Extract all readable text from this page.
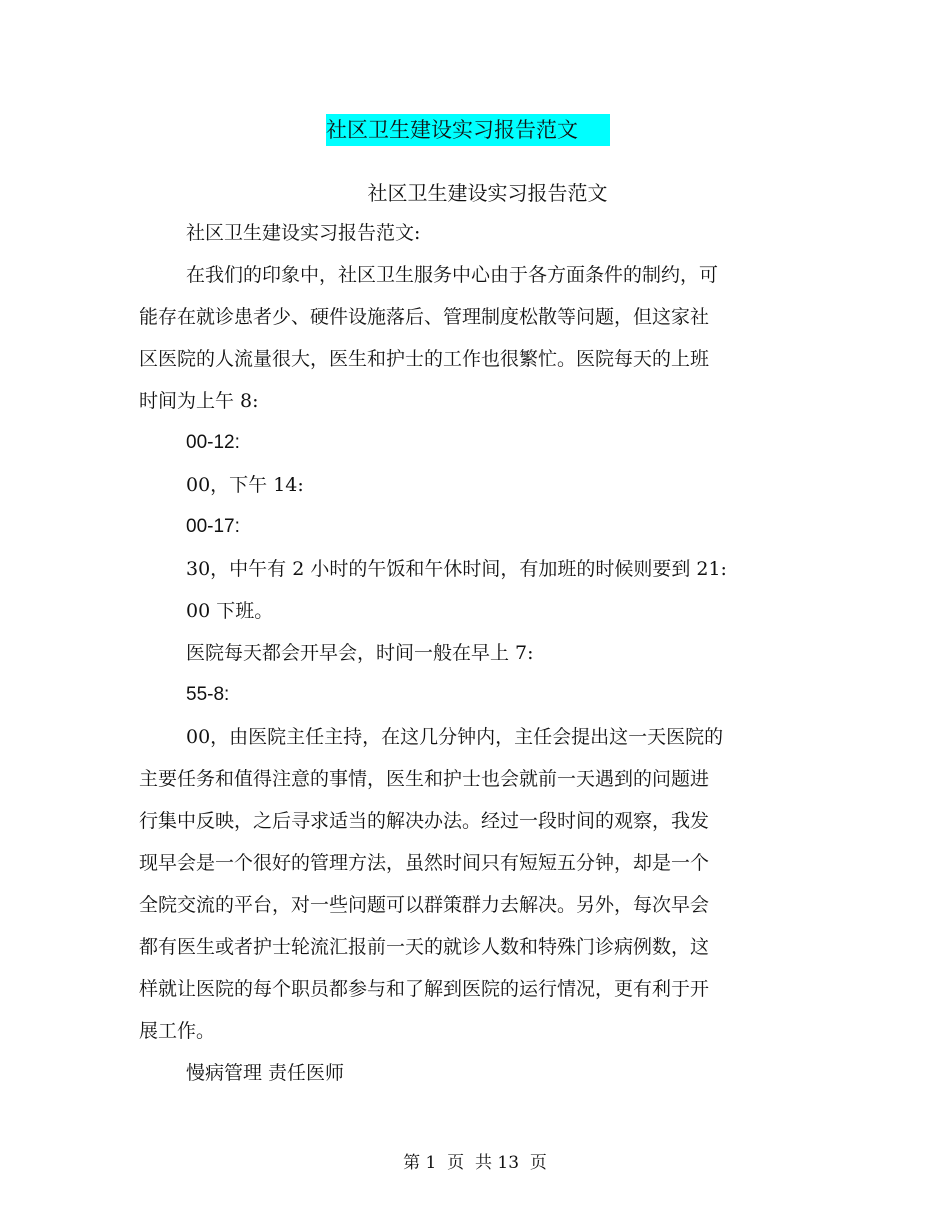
社区卫生建设实习报告范文
社区卫生建设实习报告范文
社区卫生建设实习报告范文:
在我们的印象中，社区卫生服务中心由于各方面条件的制约，可
能存在就诊患者少、硬件设施落后、管理制度松散等问题，但这家社
区医院的人流量很大，医生和护士的工作也很繁忙。医院每天的上班
时间为上午 8:
00-12:
00，下午 14:
00-17:
30，中午有 2 小时的午饭和午休时间，有加班的时候则要到 21:
00 下班。
医院每天都会开早会，时间一般在早上 7:
55-8:
00，由医院主任主持，在这几分钟内，主任会提出这一天医院的
主要任务和值得注意的事情，医生和护士也会就前一天遇到的问题进
行集中反映，之后寻求适当的解决办法。经过一段时间的观察，我发
现早会是一个很好的管理方法，虽然时间只有短短五分钟，却是一个
全院交流的平台，对一些问题可以群策群力去解决。另外，每次早会
都有医生或者护士轮流汇报前一天的就诊人数和特殊门诊病例数，这
样就让医院的每个职员都参与和了解到医院的运行情况，更有利于开
展工作。
慢病管理 责任医师
第 1  页  共 13  页
